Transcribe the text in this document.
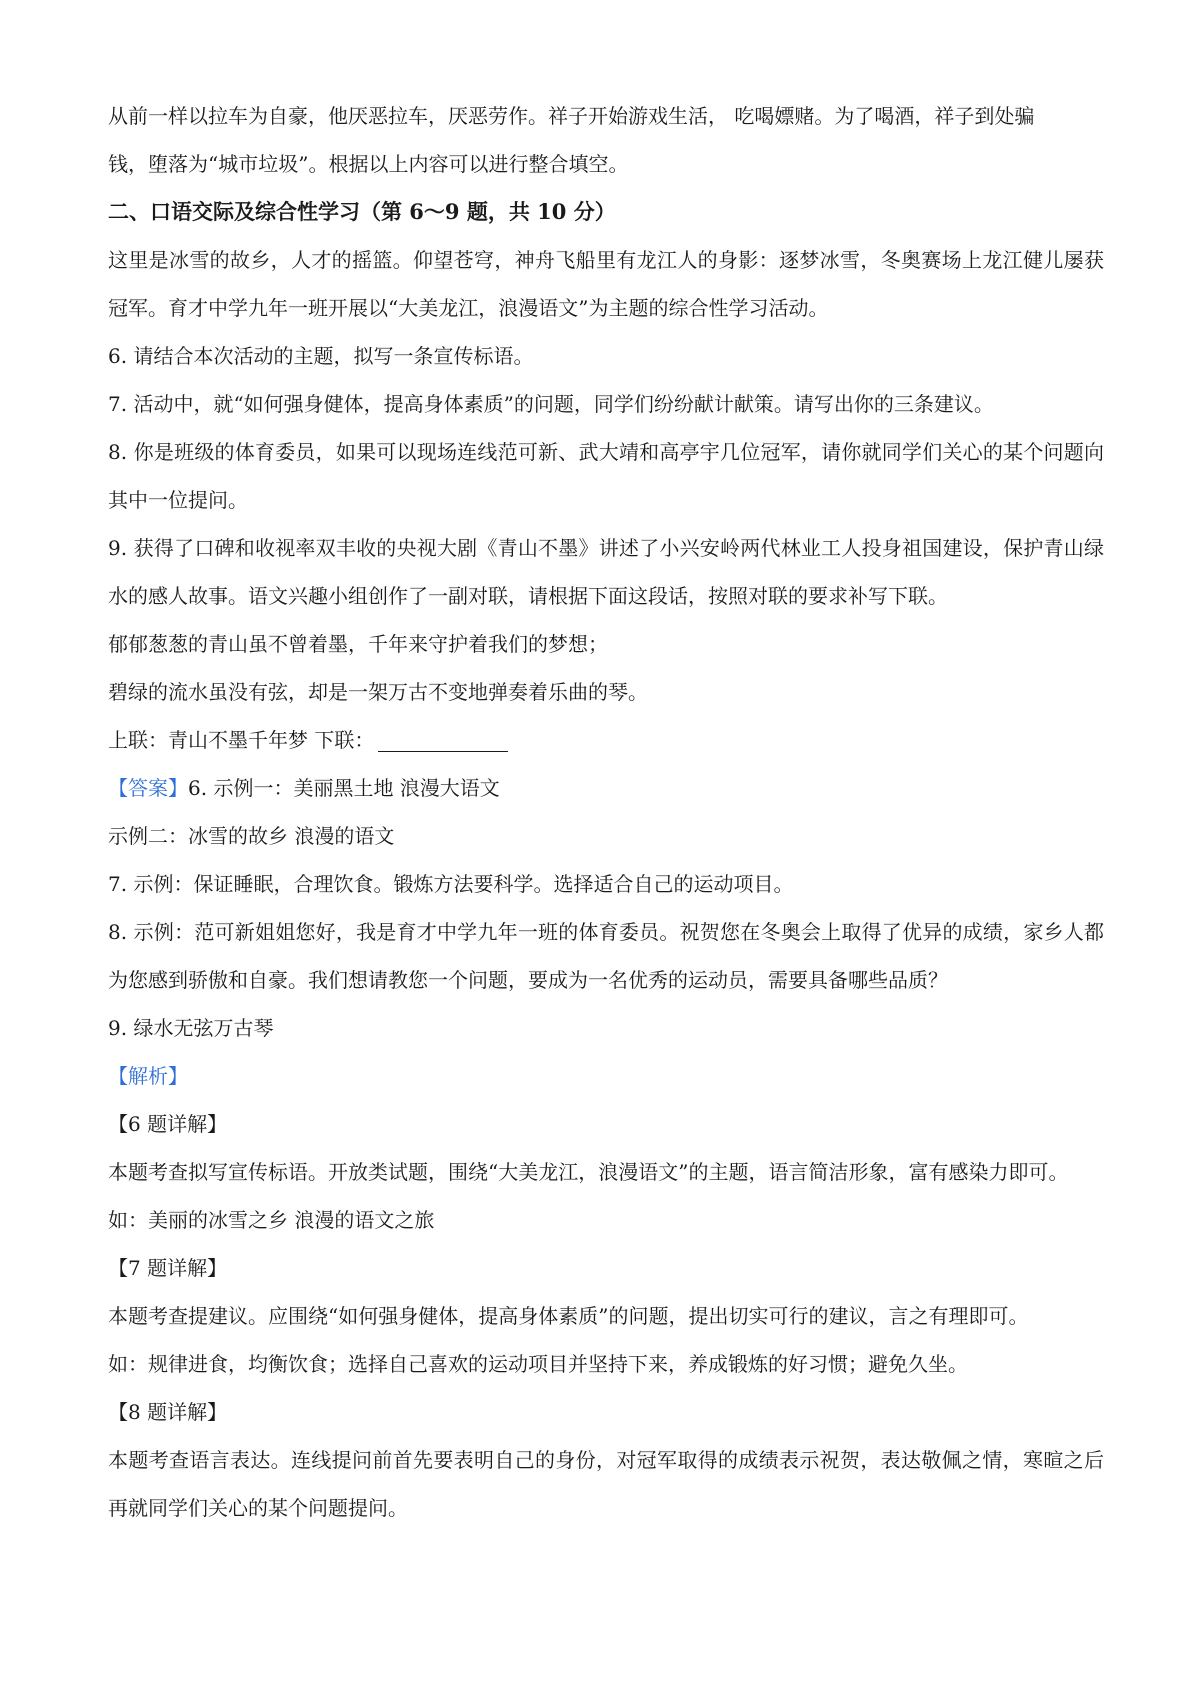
从前一样以拉车为自豪，他厌恶拉车，厌恶劳作。祥子开始游戏生活， 吃喝嫖赌。为了喝酒，祥子到处骗

钱，堕落为“城市垃圾”。根据以上内容可以进行整合填空。

二、口语交际及综合性学习（第 6～9 题，共 10 分）

这里是冰雪的故乡，人才的摇篮。仰望苍穹，神舟飞船里有龙江人的身影：逐梦冰雪，冬奥赛场上龙江健儿屡获冠军。育才中学九年一班开展以“大美龙江，浪漫语文”为主题的综合性学习活动。

6. 请结合本次活动的主题，拟写一条宣传标语。

7. 活动中，就“如何强身健体，提高身体素质”的问题，同学们纷纷献计献策。请写出你的三条建议。

8. 你是班级的体育委员，如果可以现场连线范可新、武大靖和高亭宇几位冠军，请你就同学们关心的某个问题向其中一位提问。

9. 获得了口碑和收视率双丰收的央视大剧《青山不墨》讲述了小兴安岭两代林业工人投身祖国建设，保护青山绿水的感人故事。语文兴趣小组创作了一副对联，请根据下面这段话，按照对联的要求补写下联。

郁郁葱葱的青山虽不曾着墨，千年来守护着我们的梦想；

碧绿的流水虽没有弦，却是一架万古不变地弹奏着乐曲的琴。

上联：青山不墨千年梦 下联：

【答案】6. 示例一：美丽黑土地 浪漫大语文

示例二：冰雪的故乡 浪漫的语文

7. 示例：保证睡眠，合理饮食。锻炼方法要科学。选择适合自己的运动项目。

8. 示例：范可新姐姐您好，我是育才中学九年一班的体育委员。祝贺您在冬奥会上取得了优异的成绩，家乡人都为您感到骄傲和自豪。我们想请教您一个问题，要成为一名优秀的运动员，需要具备哪些品质？

9. 绿水无弦万古琴

【解析】

【6 题详解】

本题考查拟写宣传标语。开放类试题，围绕“大美龙江，浪漫语文”的主题，语言简洁形象，富有感染力即可。

如：美丽的冰雪之乡 浪漫的语文之旅

【7 题详解】

本题考查提建议。应围绕“如何强身健体，提高身体素质”的问题，提出切实可行的建议，言之有理即可。

如：规律进食，均衡饮食；选择自己喜欢的运动项目并坚持下来，养成锻炼的好习惯；避免久坐。

【8 题详解】

本题考查语言表达。连线提问前首先要表明自己的身份，对冠军取得的成绩表示祝贺，表达敬佩之情，寒暄之后再就同学们关心的某个问题提问。
